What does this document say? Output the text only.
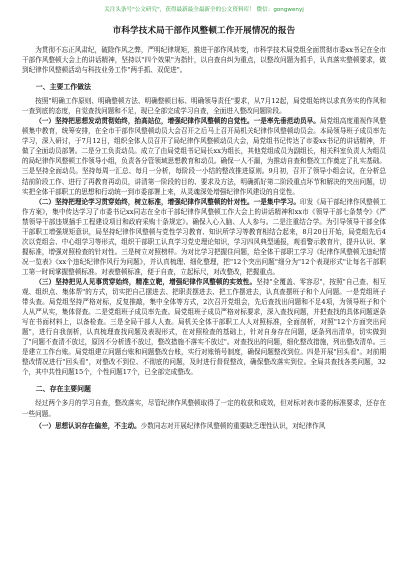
关注头条号"公文研究"，获得最新最全最新全的公文资料库！ 微信：gongwenyj
市科学技术局干部作风整顿工作开展情况的报告

为贯彻不忘正风肃纪，破除作风之弊，严明纪律规矩，推进干部作风转变，市科学技术局党组全面贯彻市委xx书记在全市干部作风整顿大会上的讲话精神，坚持以"四个效果"为指针，以自查自纠为重点，以整改问题为抓手，认真落实整顿要求，做到纪律作风整顿活动与科技业务工作"两手抓、双促进"。

一、主要工作做法

按照"明确工作原则、明确整顿方法、明确整顿目标、明确领导责任"要求，从7月12起，局党组始终以求真务实的作风和一查到底的态度，自觉查找问题和不足，现已全部完成学习自查，全面进入整改问题阶段。

（一）坚持把思想发动贯彻始终，抬高站位，增强纪律作风整顿的自觉性。一是率先垂范动员早。局党组高度重视作风整顿集中教育，统筹安排，在全市干部作风整顿动员大会召开之后马上召开局机关纪律作风整顿动员会。本局领导班子成员率先学习，深入研讨，于7月12日，组织全体人员召开了局纪律作风整顿动员大会，局党组书记传达了市委xx书记的讲话精神，并做了全面动员部署。二是分工负责动员。成立了由局党组书记局长xx为组长，其他党组成员为副组长，相关科室负责人为组员的局纪律作风整顿工作领导小组，负责各分管领域思想教育和动员。确保一人不漏，为推动自查和整改工作奠定了扎实基础。三是坚持全面动员。坚持每周一汇总、每月一分析，每阶段一小结的整改推进原则。9月初，召开了领导小组会议，在分析总结前阶段工作、进行了再教育再动员，讲清第一阶段的目的、要求及方法，明确抓好第二阶段重点环节和解决的突出问题，切实把全体干部职工的思想和行动统一到市委部署上来，从灵魂深处增强纪律作风建设的自觉性。

（二）坚持把理论学习贯穿始终，树立标准，增强纪律作风整顿的针对性。一是集中学习。印发《局干部纪律作风整顿工作方案》，集中传达学习了市委书记xx同志在全市干部纪律作风整顿工作大会上的讲话精神和xx市《领导干部七条禁令》《严禁领导干部违规插手工程建设项目和政府采购十条规定》。确保入心入脑、人人参与。二是注重结合学。为引导领导干部全体干部职工增强规矩意识，局坚持纪律作风整顿与党性学习教育、知识所学习等教育相结合起来，8月20日开始，局党组先后4次以党组会、中心组学习等形式，组织干部职工认真学习党史理论知识，学习四风典型通报，观看警示教育片，提升认识、掌握标准，增强对照检查的针对性。三是树立对照榜样。为对比学习把握住问题，给全体干部职工学习《纪律作风整顿无违纪情况一览表》《xx个违纪纪律作风行为问题》，并认真梳理、细化整理，把"12个突出问题"细分为"12个表现形式"让每名干部职工第一时间掌握整顿标准。对表整顿标准，便于自查，立起标尺，对改整改，把握重点。

（三）坚持把见人见事贯穿始终，精准立靶，增强纪律作风整顿的实效性。坚持"全覆盖、零容忍"，按照"自己查、相互观、组织点、集体帮"的方式，切实把自己摆进去、把职责摆进去、把工作摆进去，认真查摆班子和个人问题。一是党组班子带头查。局党组坚持严格对标，反复推敲，集中全体等方式，2次召开党组会，先后查找出问题和不足4项，为领导班子和个人从严从实，集体督查。二是党组班子成员率先查。局党组班子成员严格对标要求，深入查找问题，并把查找的具体问题逐条写在书面材料上，以备检查。三是全局干部人人查。局机关全体干部职工人人对照标准，全面剖析，对照"12个方面突出问题"，进行自我剖析，认真梳理查找问题及表现形式，在对照检查的基础上，针对自身存在问题，逐条列出清单，切实做到了"问题不查清不放过，原因不分析透不放过，整改措施不落实不放过"。对查找出的问题，细化整改措施，列出整改清单。三是建立工作台账。局党组建立问题台账和问题整改台账，实行对账销号制度，确保问题整改到位。四是开展"回头看"。对前期整改情况进行"回头看"，对整改不到位、不彻底的问题，及时进行督促整改，确保整改落实到位。全局共查找各类问题，32个，其中共性问题15个，个性问题17个，已全部完成整改。

二、存在主要问题

经过两个多月的学习自查，整改落实，尽管纪律作风整顿取得了一定的收获和成效，但对标对表市委的标准要求，还存在一些问题。

（一）思想认识存在偏差，不主动。少数同志对开展纪律作风整顿的重要缺乏理性认识，对纪律作风
